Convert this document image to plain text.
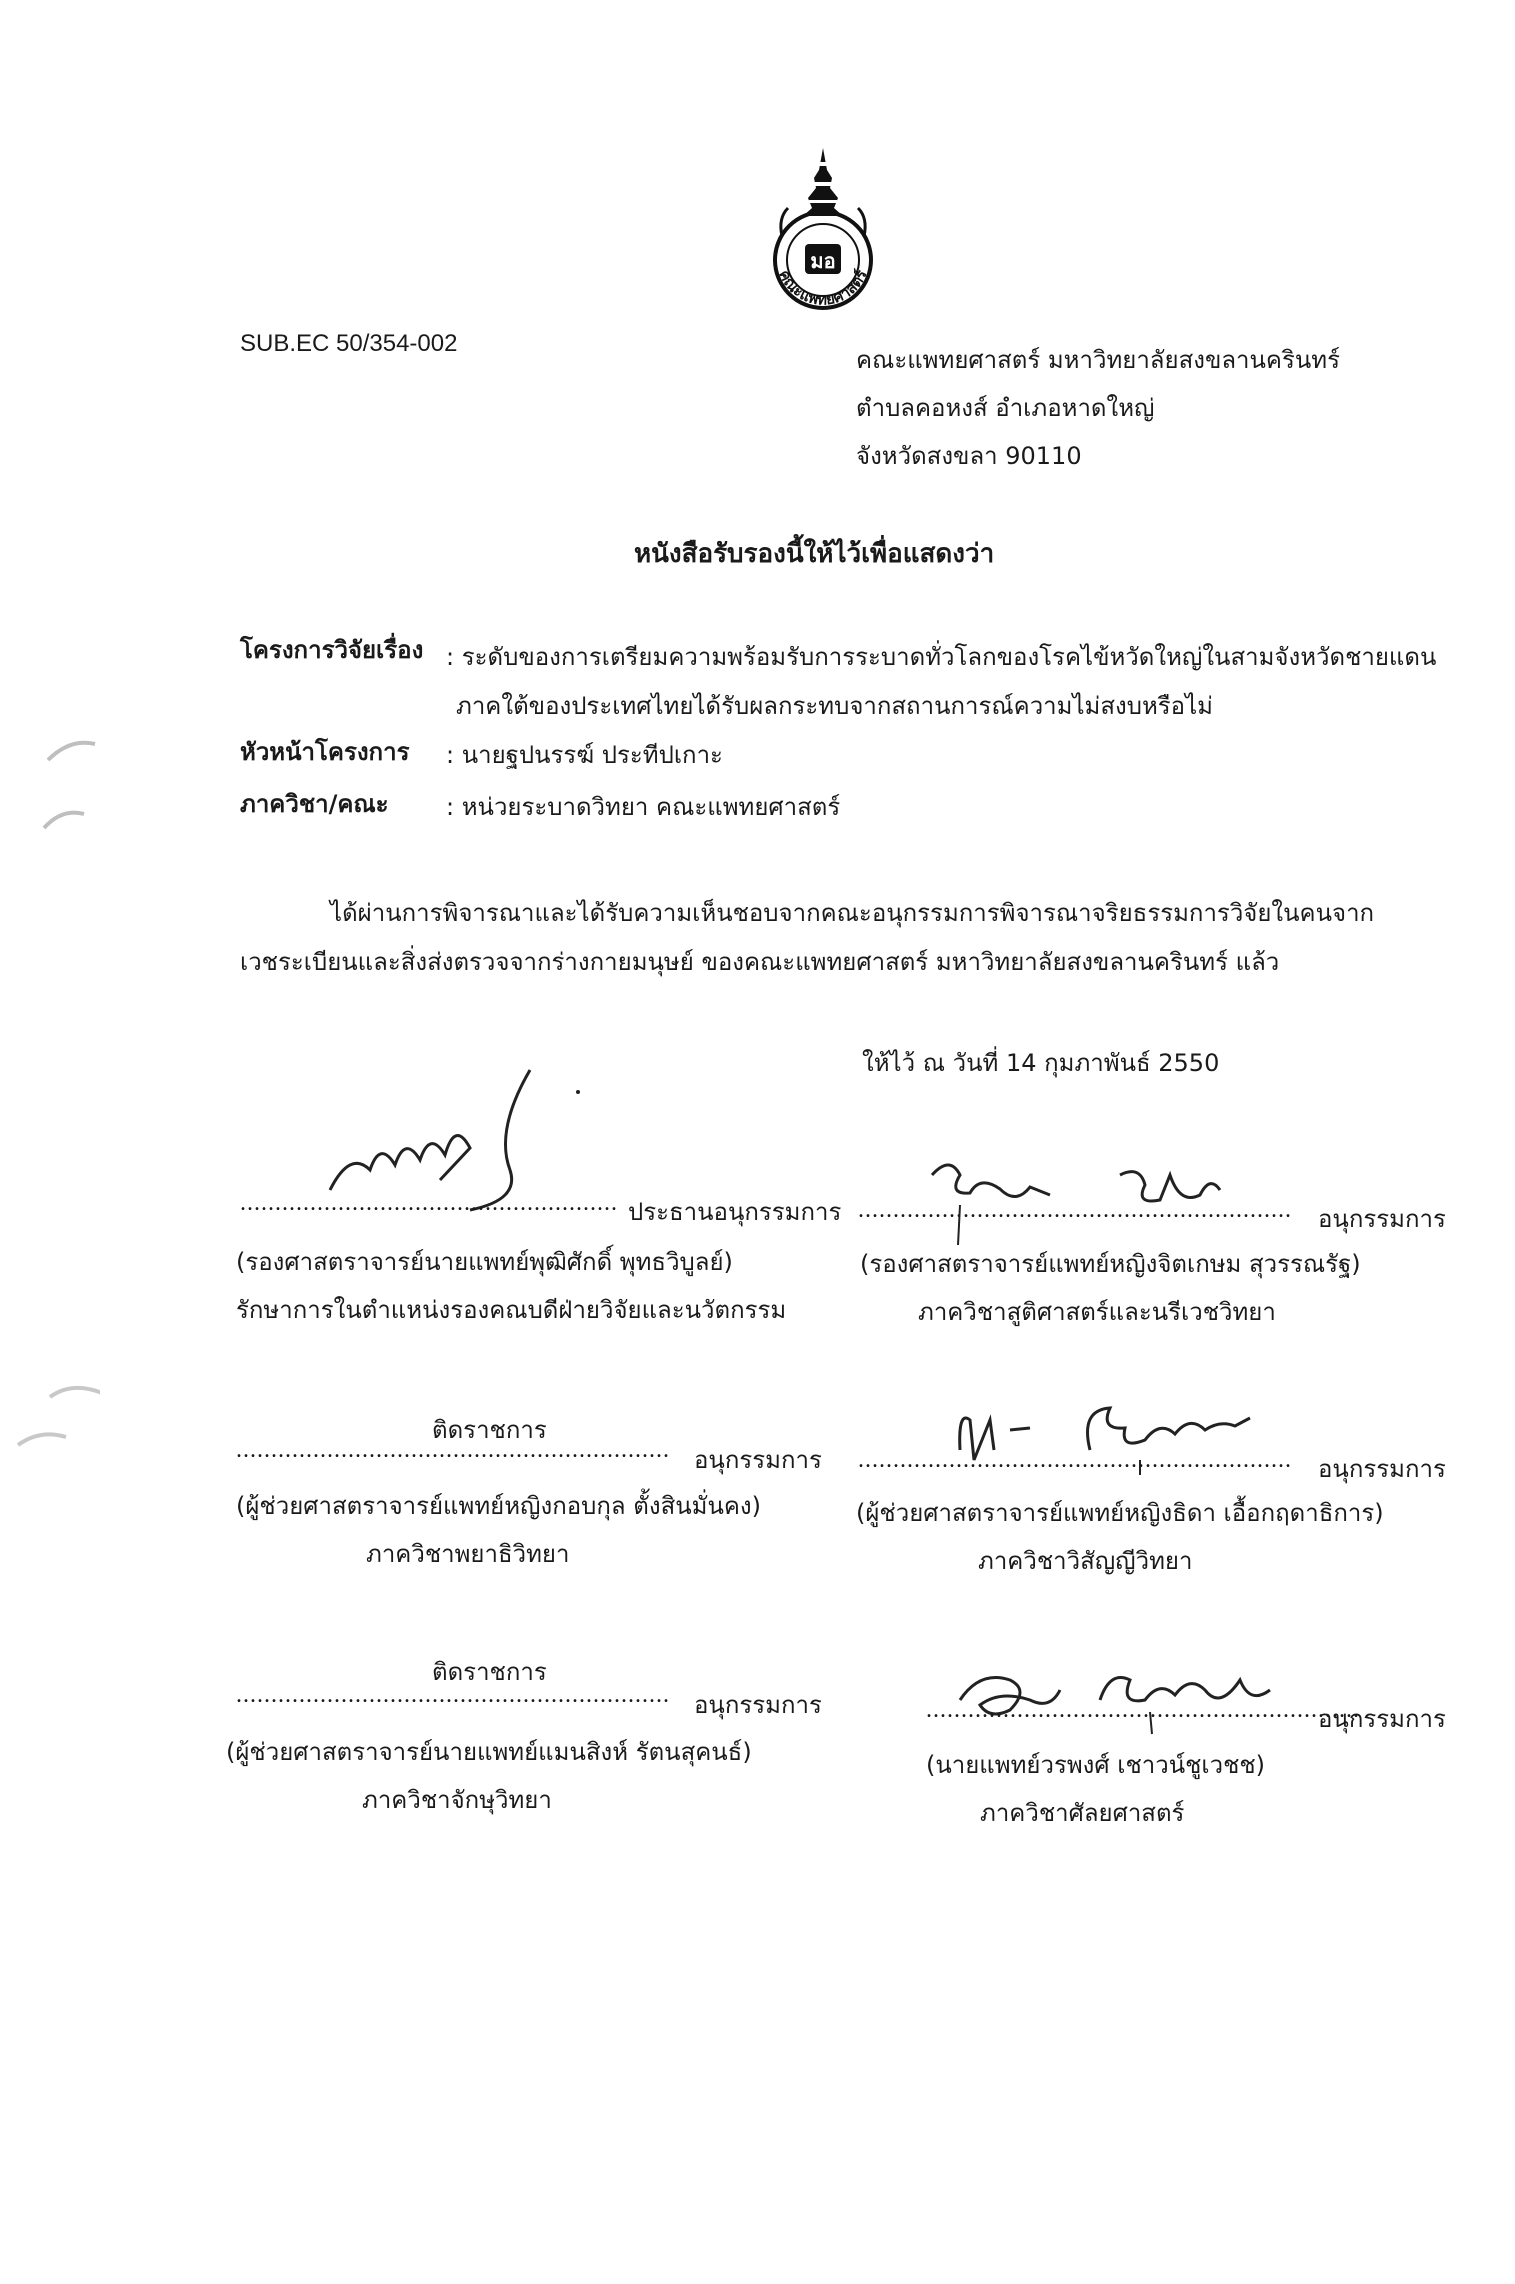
มอ
คณะแพทยศาสตร์
SUB.EC 50/354-002
คณะแพทยศาสตร์ มหาวิทยาลัยสงขลานครินทร์
ตำบลคอหงส์ อำเภอหาดใหญ่
จังหวัดสงขลา 90110
หนังสือรับรองนี้ให้ไว้เพื่อแสดงว่า
โครงการวิจัยเรื่อง : ระดับของการเตรียมความพร้อมรับการระบาดทั่วโลกของโรคไข้หวัดใหญ่ในสามจังหวัดชายแดน
ภาคใต้ของประเทศไทยได้รับผลกระทบจากสถานการณ์ความไม่สงบหรือไม่
หัวหน้าโครงการ : นายฐปนรรฆ์ ประทีปเกาะ
ภาควิชา/คณะ : หน่วยระบาดวิทยา คณะแพทยศาสตร์
ได้ผ่านการพิจารณาและได้รับความเห็นชอบจากคณะอนุกรรมการพิจารณาจริยธรรมการวิจัยในคนจาก
เวชระเบียนและสิ่งส่งตรวจจากร่างกายมนุษย์ ของคณะแพทยศาสตร์ มหาวิทยาลัยสงขลานครินทร์ แล้ว
ให้ไว้ ณ วันที่ 14 กุมภาพันธ์ 2550
...................................................... ประธานอนุกรรมการ
(รองศาสตราจารย์นายแพทย์พุฒิศักดิ์ พุทธวิบูลย์)
รักษาการในตำแหน่งรองคณบดีฝ่ายวิจัยและนวัตกรรม
.............................................................. อนุกรรมการ
(รองศาสตราจารย์แพทย์หญิงจิตเกษม สุวรรณรัฐ)
ภาควิชาสูติศาสตร์และนรีเวชวิทยา
ติดราชการ
.............................................................. อนุกรรมการ
(ผู้ช่วยศาสตราจารย์แพทย์หญิงกอบกุล ตั้งสินมั่นคง)
ภาควิชาพยาธิวิทยา
.............................................................. อนุกรรมการ
(ผู้ช่วยศาสตราจารย์แพทย์หญิงธิดา เอื้อกฤดาธิการ)
ภาควิชาวิสัญญีวิทยา
ติดราชการ
.............................................................. อนุกรรมการ
(ผู้ช่วยศาสตราจารย์นายแพทย์แมนสิงห์ รัตนสุคนธ์)
ภาควิชาจักษุวิทยา
..............................................................
อนุกรรมการ
(นายแพทย์วรพงศ์ เชาวน์ชูเวชช)
ภาควิชาศัลยศาสตร์
